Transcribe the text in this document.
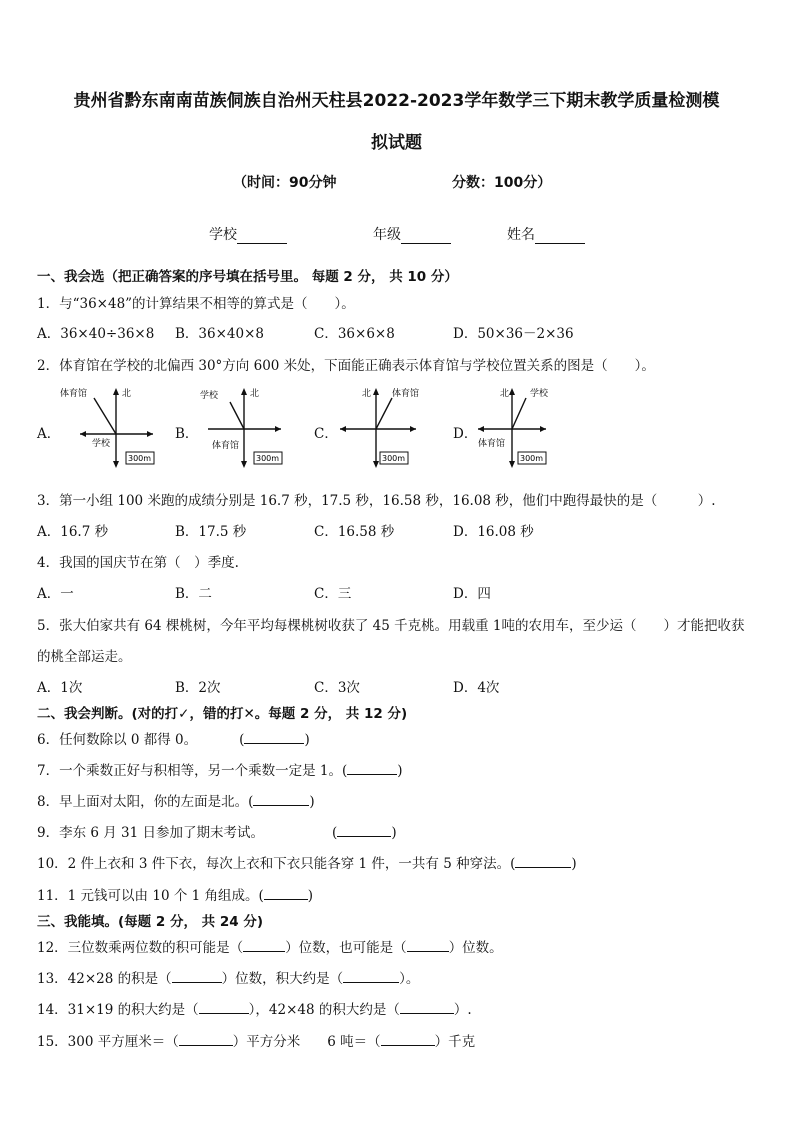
贵州省黔东南南苗族侗族自治州天柱县2022-2023学年数学三下期末教学质量检测模
拟试题
（时间：90分钟	分数：100分）
学校	年级	姓名
一、我会选（把正确答案的序号填在括号里。 每题 2 分， 共 10 分）
1．与“36×48”的计算结果不相等的算式是（　　）。
A．36×40÷36×8 B．36×40×8	C．36×6×8	D．50×36－2×36
2．体育馆在学校的北偏西 30°方向 600 米处，下面能正确表示体育馆与学校位置关系的图是（　　）。
A．	B．	C．	D．
体育馆	北
学校
300m
学校	北
体育馆
300m
北 体育馆
300m
北 学校
体育馆
300m
3．第一小组 100 米跑的成绩分别是 16.7 秒，17.5 秒，16.58 秒，16.08 秒，他们中跑得最快的是（　　　）.
A．16.7 秒	B．17.5 秒	C．16.58 秒	D．16.08 秒
4．我国的国庆节在第（　）季度.
A．一	B．二	C．三	D．四
5．张大伯家共有 64 棵桃树，今年平均每棵桃树收获了 45 千克桃。用载重 1吨的农用车，至少运（　　）才能把收获
的桃全部运走。
A．1次	B．2次	C．3次	D．4次
二、我会判断。(对的打✓，错的打✕。每题 2 分， 共 12 分)
6．任何数除以 0 都得 0。	(	)
7．一个乘数正好与积相等，另一个乘数一定是 1。(	)
8．早上面对太阳，你的左面是北。(	)
9．李东 6 月 31 日参加了期末考试。	(	)
10．2 件上衣和 3 件下衣，每次上衣和下衣只能各穿 1 件，一共有 5 种穿法。(	)
11．1 元钱可以由 10 个 1 角组成。(	)
三、我能填。(每题 2 分， 共 24 分)
12．三位数乘两位数的积可能是（	）位数，也可能是（	）位数。
13．42×28 的积是（	）位数，积大约是（	）。
14．31×19 的积大约是（	），42×48 的积大约是（	）.
15．300 平方厘米＝（	）平方分米　　6 吨＝（	）千克
